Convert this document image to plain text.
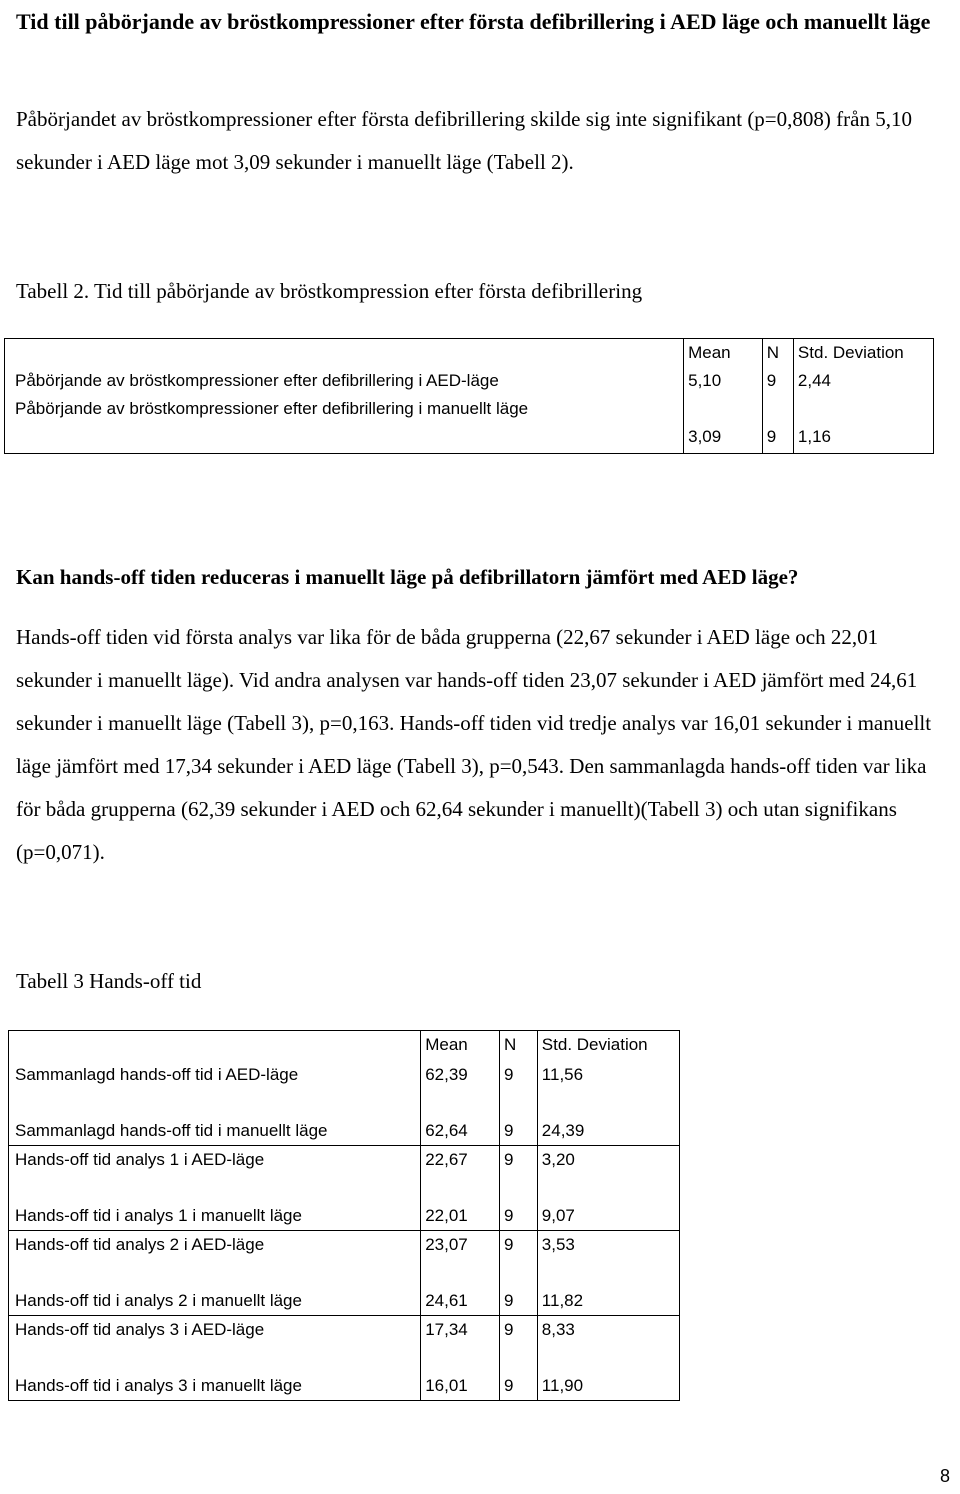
Tid till påbörjande av bröstkompressioner efter första defibrillering i AED läge och manuellt läge
Påbörjandet av bröstkompressioner efter första defibrillering skilde sig inte signifikant (p=0,808) från 5,10 sekunder i AED läge mot 3,09 sekunder i manuellt läge (Tabell 2).
Tabell 2. Tid till påbörjande av bröstkompression efter första defibrillering
	Mean	N	Std. Deviation
Påbörjande av bröstkompressioner efter defibrillering i AED-läge	5,10	9	2,44
Påbörjande av bröstkompressioner efter defibrillering i manuellt läge	3,09	9	1,16
Kan hands-off tiden reduceras i manuellt läge på defibrillatorn jämfört med AED läge?
Hands-off tiden vid första analys var lika för de båda grupperna (22,67 sekunder i AED läge och 22,01 sekunder i manuellt läge). Vid andra analysen var hands-off tiden 23,07 sekunder i AED jämfört med 24,61 sekunder i manuellt läge (Tabell 3), p=0,163. Hands-off tiden vid tredje analys var 16,01 sekunder i manuellt läge jämfört med 17,34 sekunder i AED läge (Tabell 3), p=0,543. Den sammanlagda hands-off tiden var lika för båda grupperna (62,39 sekunder i AED och 62,64 sekunder i manuellt)(Tabell 3) och utan signifikans (p=0,071).
Tabell 3 Hands-off tid
	Mean	N	Std. Deviation
Sammanlagd hands-off tid i AED-läge	62,39	9	11,56
Sammanlagd hands-off tid i manuellt läge	62,64	9	24,39
Hands-off tid analys 1 i AED-läge	22,67	9	3,20
Hands-off tid i analys 1 i manuellt läge	22,01	9	9,07
Hands-off tid analys 2 i AED-läge	23,07	9	3,53
Hands-off tid i analys 2 i manuellt läge	24,61	9	11,82
Hands-off tid analys 3 i AED-läge	17,34	9	8,33
Hands-off tid i analys 3 i manuellt läge	16,01	9	11,90
8
